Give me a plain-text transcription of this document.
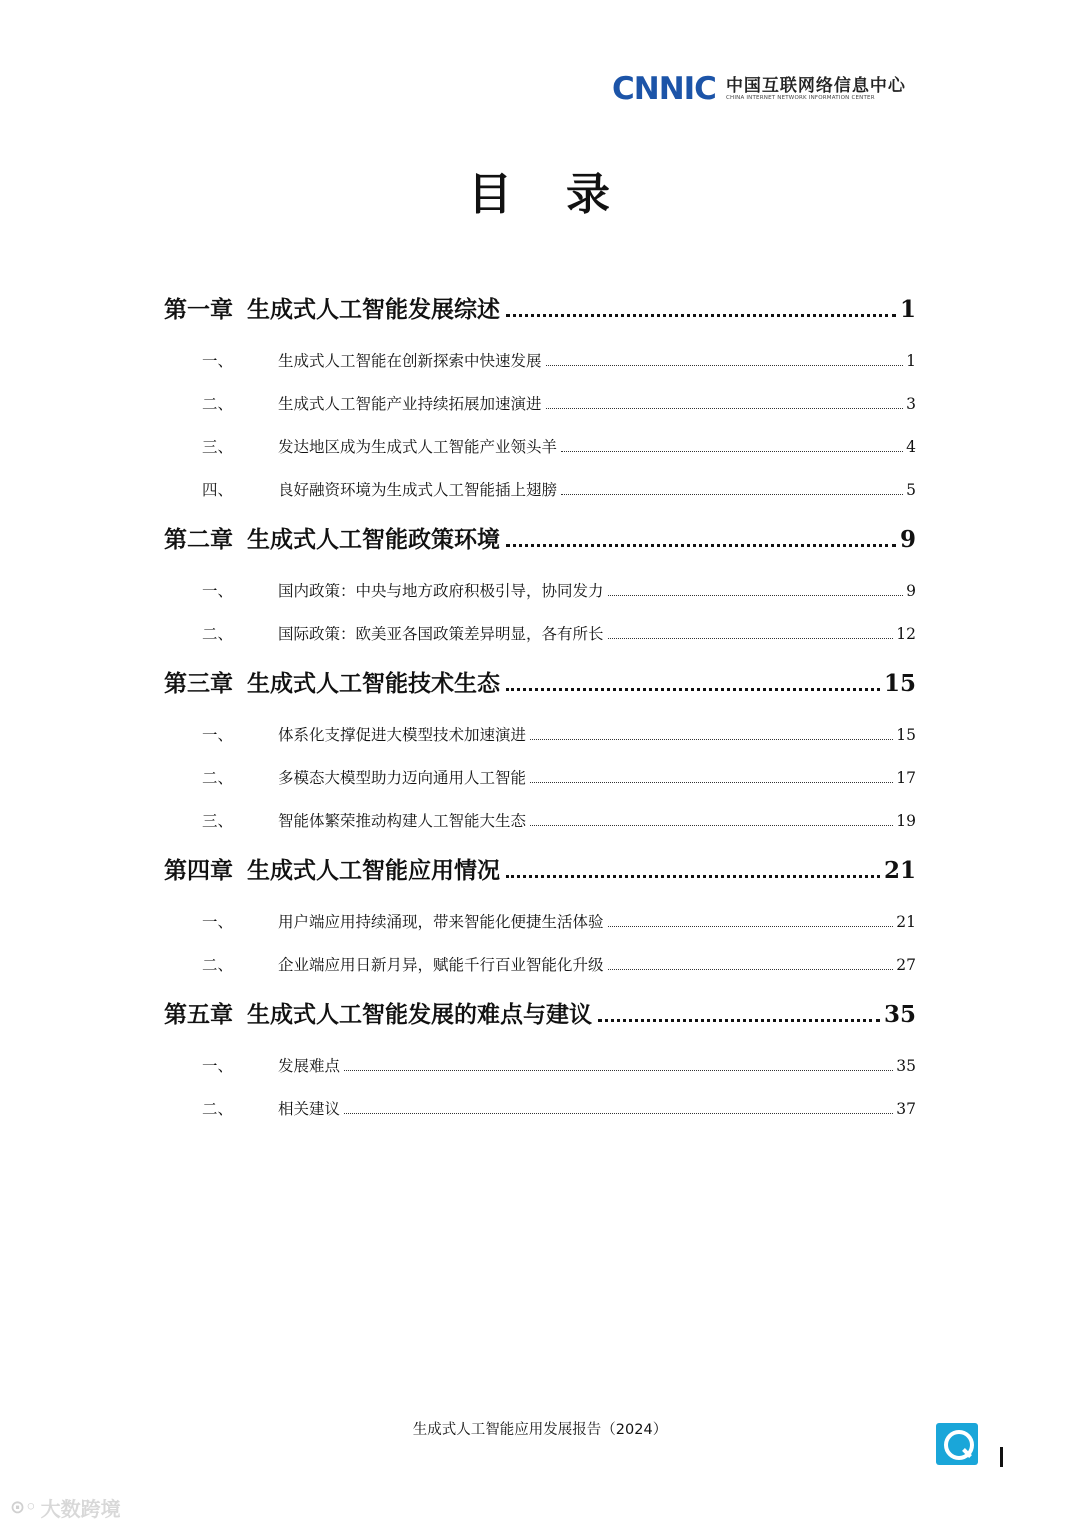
CNNIC 中国互联网络信息中心
CHINA INTERNET NETWORK INFORMATION CENTER
目 录
第一章 生成式人工智能发展综述	1
一、	生成式人工智能在创新探索中快速发展	1
二、	生成式人工智能产业持续拓展加速演进	3
三、	发达地区成为生成式人工智能产业领头羊	4
四、	良好融资环境为生成式人工智能插上翅膀	5
第二章 生成式人工智能政策环境	9
一、	国内政策：中央与地方政府积极引导，协同发力	9
二、	国际政策：欧美亚各国政策差异明显，各有所长	12
第三章 生成式人工智能技术生态	15
一、	体系化支撑促进大模型技术加速演进	15
二、	多模态大模型助力迈向通用人工智能	17
三、	智能体繁荣推动构建人工智能大生态	19
第四章 生成式人工智能应用情况	21
一、	用户端应用持续涌现，带来智能化便捷生活体验	21
二、	企业端应用日新月异，赋能千行百业智能化升级	27
第五章 生成式人工智能发展的难点与建议	35
一、	发展难点	35
二、	相关建议	37
生成式人工智能应用发展报告（2024）
⊙◦ 大数跨境
